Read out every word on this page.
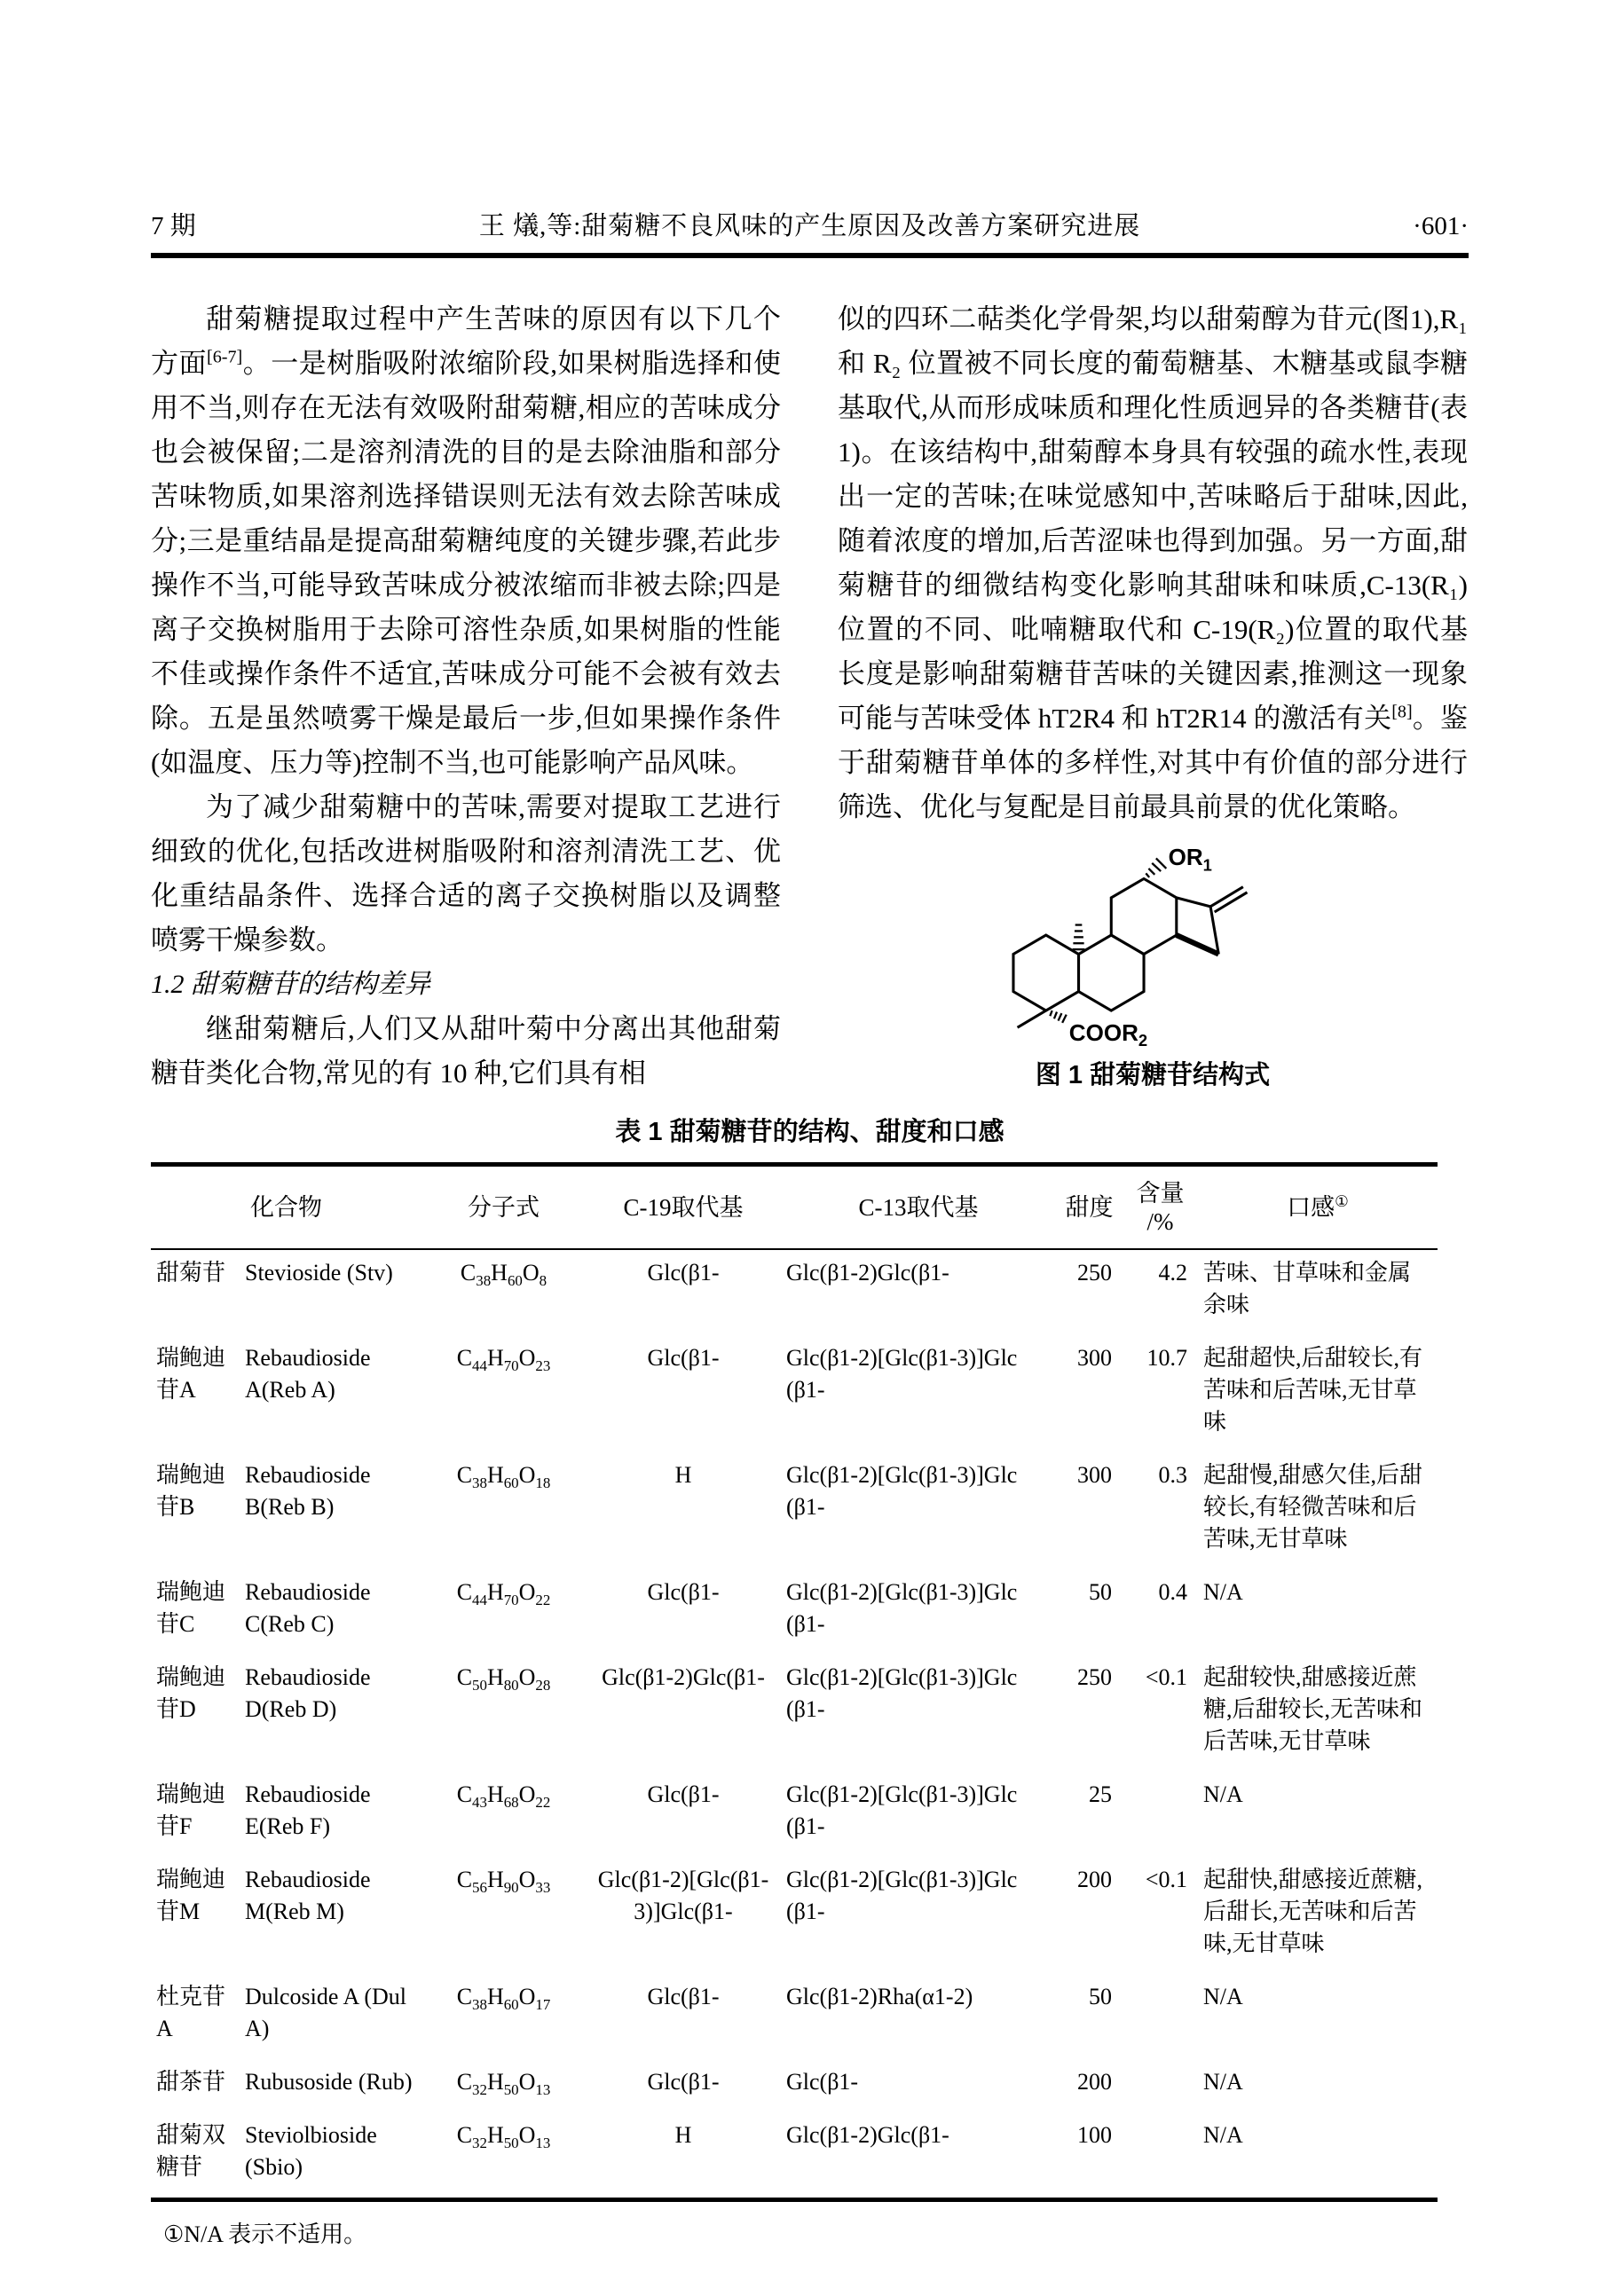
7 期	王 燨,等:甜菊糖不良风味的产生原因及改善方案研究进展	·601·

甜菊糖提取过程中产生苦味的原因有以下几个方面[6-7]。一是树脂吸附浓缩阶段,如果树脂选择和使用不当,则存在无法有效吸附甜菊糖,相应的苦味成分也会被保留;二是溶剂清洗的目的是去除油脂和部分苦味物质,如果溶剂选择错误则无法有效去除苦味成分;三是重结晶是提高甜菊糖纯度的关键步骤,若此步操作不当,可能导致苦味成分被浓缩而非被去除;四是离子交换树脂用于去除可溶性杂质,如果树脂的性能不佳或操作条件不适宜,苦味成分可能不会被有效去除。五是虽然喷雾干燥是最后一步,但如果操作条件(如温度、压力等)控制不当,也可能影响产品风味。

为了减少甜菊糖中的苦味,需要对提取工艺进行细致的优化,包括改进树脂吸附和溶剂清洗工艺、优化重结晶条件、选择合适的离子交换树脂以及调整喷雾干燥参数。

1.2 甜菊糖苷的结构差异

继甜菊糖后,人们又从甜叶菊中分离出其他甜菊糖苷类化合物,常见的有 10 种,它们具有相

似的四环二萜类化学骨架,均以甜菊醇为苷元(图1),R₁ 和 R₂ 位置被不同长度的葡萄糖基、木糖基或鼠李糖基取代,从而形成味质和理化性质迥异的各类糖苷(表1)。在该结构中,甜菊醇本身具有较强的疏水性,表现出一定的苦味;在味觉感知中,苦味略后于甜味,因此,随着浓度的增加,后苦涩味也得到加强。另一方面,甜菊糖苷的细微结构变化影响其甜味和味质,C-13(R₁)位置的不同、吡喃糖取代和 C-19(R₂)位置的取代基长度是影响甜菊糖苷苦味的关键因素,推测这一现象可能与苦味受体 hT2R4 和 hT2R14 的激活有关[8]。鉴于甜菊糖苷单体的多样性,对其中有价值的部分进行筛选、优化与复配是目前最具前景的优化策略。

$OR_1$
$COOR_2$
图 1 甜菊糖苷结构式

表 1 甜菊糖苷的结构、甜度和口感

化合物		分子式	C-19取代基	C-13取代基	甜度	含量
/%	口感①
甜菊苷	Stevioside (Stv)	$C_{38}H_{60}O_8$	Glc(β1-	Glc(β1-2)Glc(β1-	250	4.2	苦味、甘草味和金属余味
瑞鲍迪苷A	Rebaudioside A(Reb A)	$C_{44}H_{70}O_{23}$	Glc(β1-	Glc(β1-2)[Glc(β1-3)]Glc(β1-	300	10.7	起甜超快,后甜较长,有苦味和后苦味,无甘草味
瑞鲍迪苷B	Rebaudioside B(Reb B)	$C_{38}H_{60}O_{18}$	H	Glc(β1-2)[Glc(β1-3)]Glc(β1-	300	0.3	起甜慢,甜感欠佳,后甜较长,有轻微苦味和后苦味,无甘草味
瑞鲍迪苷C	Rebaudioside C(Reb C)	$C_{44}H_{70}O_{22}$	Glc(β1-	Glc(β1-2)[Glc(β1-3)]Glc(β1-	50	0.4	N/A
瑞鲍迪苷D	Rebaudioside D(Reb D)	$C_{50}H_{80}O_{28}$	Glc(β1-2)Glc(β1-	Glc(β1-2)[Glc(β1-3)]Glc(β1-	250	<0.1	起甜较快,甜感接近蔗糖,后甜较长,无苦味和后苦味,无甘草味
瑞鲍迪苷F	Rebaudioside E(Reb F)	$C_{43}H_{68}O_{22}$	Glc(β1-	Glc(β1-2)[Glc(β1-3)]Glc(β1-	25		N/A
瑞鲍迪苷M	Rebaudioside M(Reb M)	$C_{56}H_{90}O_{33}$	Glc(β1-2)[Glc(β1-3)]Glc(β1-	Glc(β1-2)[Glc(β1-3)]Glc(β1-	200	<0.1	起甜快,甜感接近蔗糖,后甜长,无苦味和后苦味,无甘草味
杜克苷A	Dulcoside A (Dul A)	$C_{38}H_{60}O_{17}$	Glc(β1-	Glc(β1-2)Rha(α1-2)	50		N/A
甜茶苷	Rubusoside (Rub)	$C_{32}H_{50}O_{13}$	Glc(β1-	Glc(β1-	200		N/A
甜菊双糖苷	Steviolbioside (Sbio)	$C_{32}H_{50}O_{13}$	H	Glc(β1-2)Glc(β1-	100		N/A

①N/A 表示不适用。
